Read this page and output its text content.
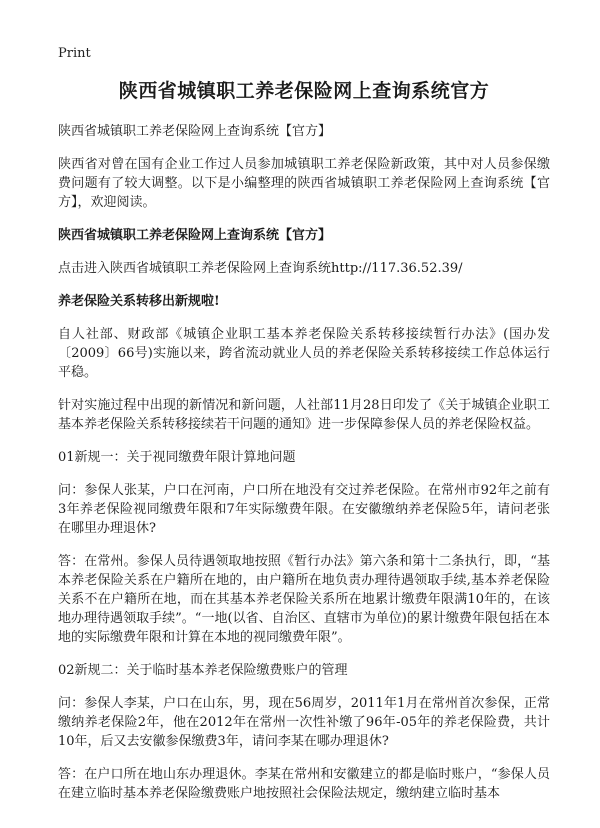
Print
陕西省城镇职工养老保险网上查询系统官方

陕西省城镇职工养老保险网上查询系统【官方】

陕西省对曾在国有企业工作过人员参加城镇职工养老保险新政策，其中对人员参保缴费问题有了较大调整。以下是小编整理的陕西省城镇职工养老保险网上查询系统【官方】，欢迎阅读。

陕西省城镇职工养老保险网上查询系统【官方】

点击进入陕西省城镇职工养老保险网上查询系统http://117.36.52.39/

养老保险关系转移出新规啦!

自人社部、财政部《城镇企业职工基本养老保险关系转移接续暂行办法》(国办发〔2009〕66号)实施以来，跨省流动就业人员的养老保险关系转移接续工作总体运行平稳。

针对实施过程中出现的新情况和新问题，人社部11月28日印发了《关于城镇企业职工基本养老保险关系转移接续若干问题的通知》进一步保障参保人员的养老保险权益。

01新规一：关于视同缴费年限计算地问题

问：参保人张某，户口在河南，户口所在地没有交过养老保险。在常州市92年之前有3年养老保险视同缴费年限和7年实际缴费年限。在安徽缴纳养老保险5年，请问老张在哪里办理退休?

答：在常州。参保人员待遇领取地按照《暂行办法》第六条和第十二条执行，即，“基本养老保险关系在户籍所在地的，由户籍所在地负责办理待遇领取手续,基本养老保险关系不在户籍所在地，而在其基本养老保险关系所在地累计缴费年限满10年的，在该地办理待遇领取手续”。“一地(以省、自治区、直辖市为单位)的累计缴费年限包括在本地的实际缴费年限和计算在本地的视同缴费年限”。

02新规二：关于临时基本养老保险缴费账户的管理

问：参保人李某，户口在山东，男，现在56周岁，2011年1月在常州首次参保，正常缴纳养老保险2年，他在2012年在常州一次性补缴了96年-05年的养老保险费，共计10年，后又去安徽参保缴费3年，请问李某在哪办理退休?

答：在户口所在地山东办理退休。李某在常州和安徽建立的都是临时账户，“参保人员在建立临时基本养老保险缴费账户地按照社会保险法规定，缴纳建立临时基本
